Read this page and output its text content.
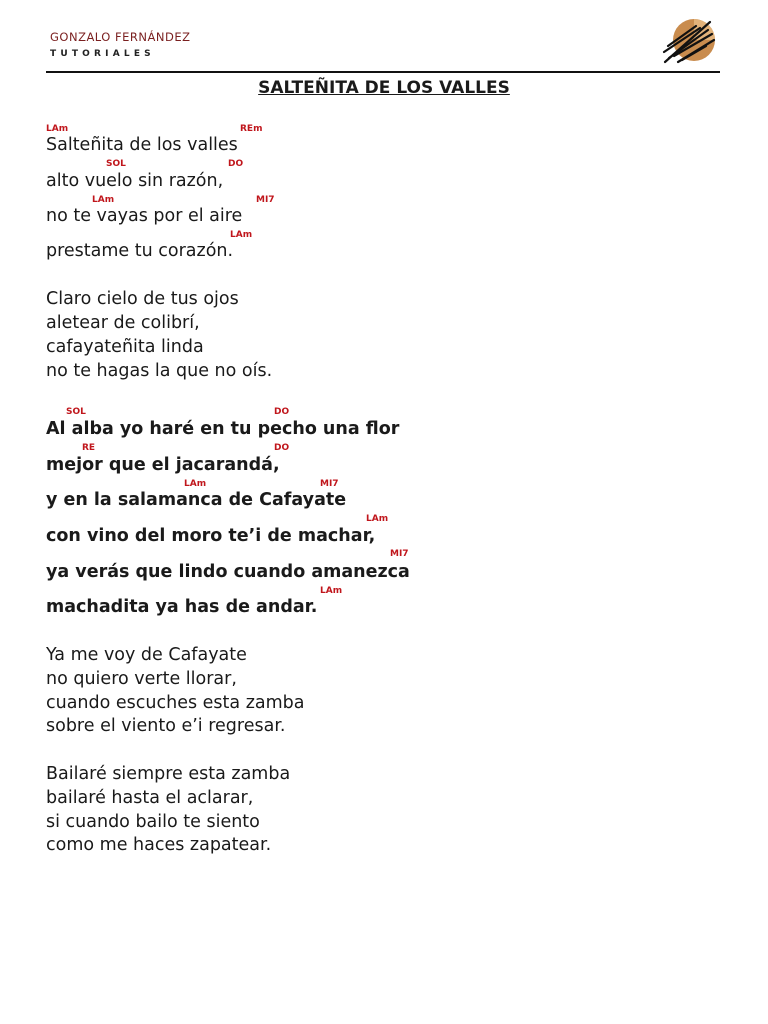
GONZALO FERNÁNDEZ
TUTORIALES
SALTEÑITA DE LOS VALLES
LAm	REm
Salteñita de los valles
SOL	DO
alto vuelo sin razón,
LAm	MI7
no te vayas por el aire
LAm
prestame tu corazón.
Claro cielo de tus ojos
aletear de colibrí,
cafayateñita linda
no te hagas la que no oís.
SOL	DO
Al alba yo haré en tu pecho una flor
RE	DO
mejor que el jacarandá,
LAm	MI7
y en la salamanca de Cafayate
LAm
con vino del moro te’i de machar,
MI7
ya verás que lindo cuando amanezca
LAm
machadita ya has de andar.
Ya me voy de Cafayate
no quiero verte llorar,
cuando escuches esta zamba
sobre el viento e’i regresar.
Bailaré siempre esta zamba
bailaré hasta el aclarar,
si cuando bailo te siento
como me haces zapatear.
